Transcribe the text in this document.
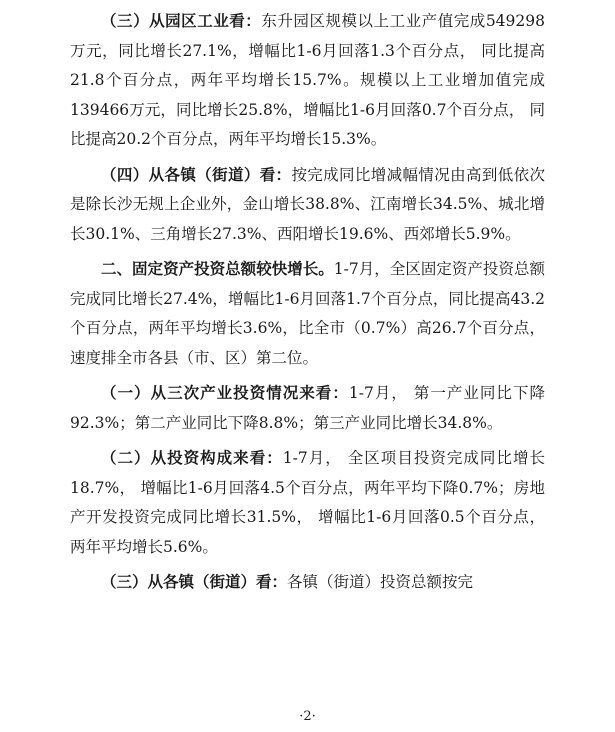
（三）从园区工业看：东升园区规模以上工业产值完成549298万元，同比增长27.1%，增幅比1-6月回落1.3个百分点， 同比提高21.8个百分点，两年平均增长15.7%。规模以上工业增加值完成139466万元，同比增长25.8%，增幅比1-6月回落0.7个百分点， 同比提高20.2个百分点，两年平均增长15.3%。

（四）从各镇（街道）看：按完成同比增减幅情况由高到低依次是除长沙无规上企业外，金山增长38.8%、江南增长34.5%、城北增长30.1%、三角增长27.3%、西阳增长19.6%、西郊增长5.9%。

二、固定资产投资总额较快增长。1-7月，全区固定资产投资总额完成同比增长27.4%，增幅比1-6月回落1.7个百分点，同比提高43.2个百分点，两年平均增长3.6%，比全市（0.7%）高26.7个百分点，速度排全市各县（市、区）第二位。

（一）从三次产业投资情况来看：1-7月， 第一产业同比下降92.3%；第二产业同比下降8.8%；第三产业同比增长34.8%。

（二）从投资构成来看：1-7月， 全区项目投资完成同比增长18.7%， 增幅比1-6月回落4.5个百分点，两年平均下降0.7%；房地产开发投资完成同比增长31.5%， 增幅比1-6月回落0.5个百分点，两年平均增长5.6%。

（三）从各镇（街道）看：各镇（街道）投资总额按完

·2·
